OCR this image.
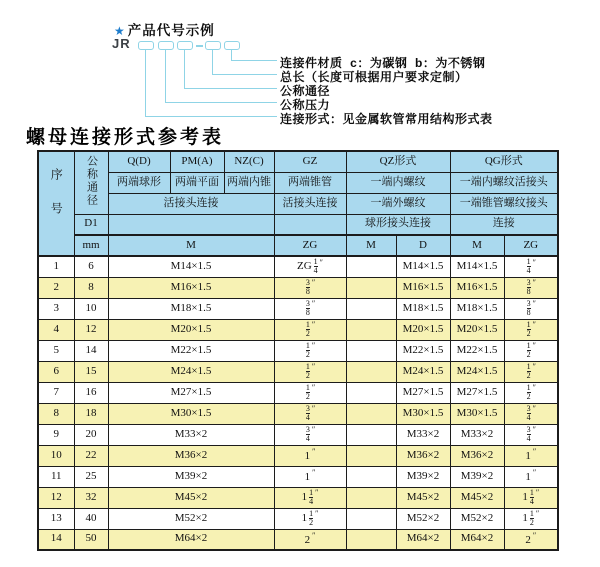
★ 产品代号示例
JR
连接件材质  c：为碳钢  b：为不锈钢
总长（长度可根据用户要求定制）
公称通径
公称压力
连接形式：见金属软管常用结构形式表
螺母连接形式参考表
序号	公称通径	Q(D)	PM(A)	NZ(C)	GZ	QZ形式		QG形式	
		两端球形	两端平面	两端内锥	两端锥管	一端内螺纹		一端内螺纹活接头	
		活接头连接			活接头连接	一端外螺纹		一端锥管螺纹接头	
	D1					球形接头连接		连接	
	mm	M			ZG	M	D	M	ZG
1	6	M14×1.5			ZG $\frac{1}{4} ''$		M14×1.5	M14×1.5	$\frac{1}{4} ''$
2	8	M16×1.5			$\frac{3}{8} ''$		M16×1.5	M16×1.5	$\frac{3}{8} ''$
3	10	M18×1.5			$\frac{3}{8} ''$		M18×1.5	M18×1.5	$\frac{3}{8} ''$
4	12	M20×1.5			$\frac{1}{2} ''$		M20×1.5	M20×1.5	$\frac{1}{2} ''$
5	14	M22×1.5			$\frac{1}{2} ''$		M22×1.5	M22×1.5	$\frac{1}{2} ''$
6	15	M24×1.5			$\frac{1}{2} ''$		M24×1.5	M24×1.5	$\frac{1}{2} ''$
7	16	M27×1.5			$\frac{1}{2} ''$		M27×1.5	M27×1.5	$\frac{1}{2} ''$
8	18	M30×1.5			$\frac{3}{4} ''$		M30×1.5	M30×1.5	$\frac{3}{4} ''$
9	20	M33×2			$\frac{3}{4} ''$		M33×2	M33×2	$\frac{3}{4} ''$
10	22	M36×2			1 ″		M36×2	M36×2	1 ″
11	25	M39×2			1 ″		M39×2	M39×2	1 ″
12	32	M45×2			$1 \frac{1}{4} ''$		M45×2	M45×2	$1 \frac{1}{4} ''$
13	40	M52×2			$1 \frac{1}{2} ''$		M52×2	M52×2	$1 \frac{1}{2} ''$
14	50	M64×2			2 ″		M64×2	M64×2	2 ″
